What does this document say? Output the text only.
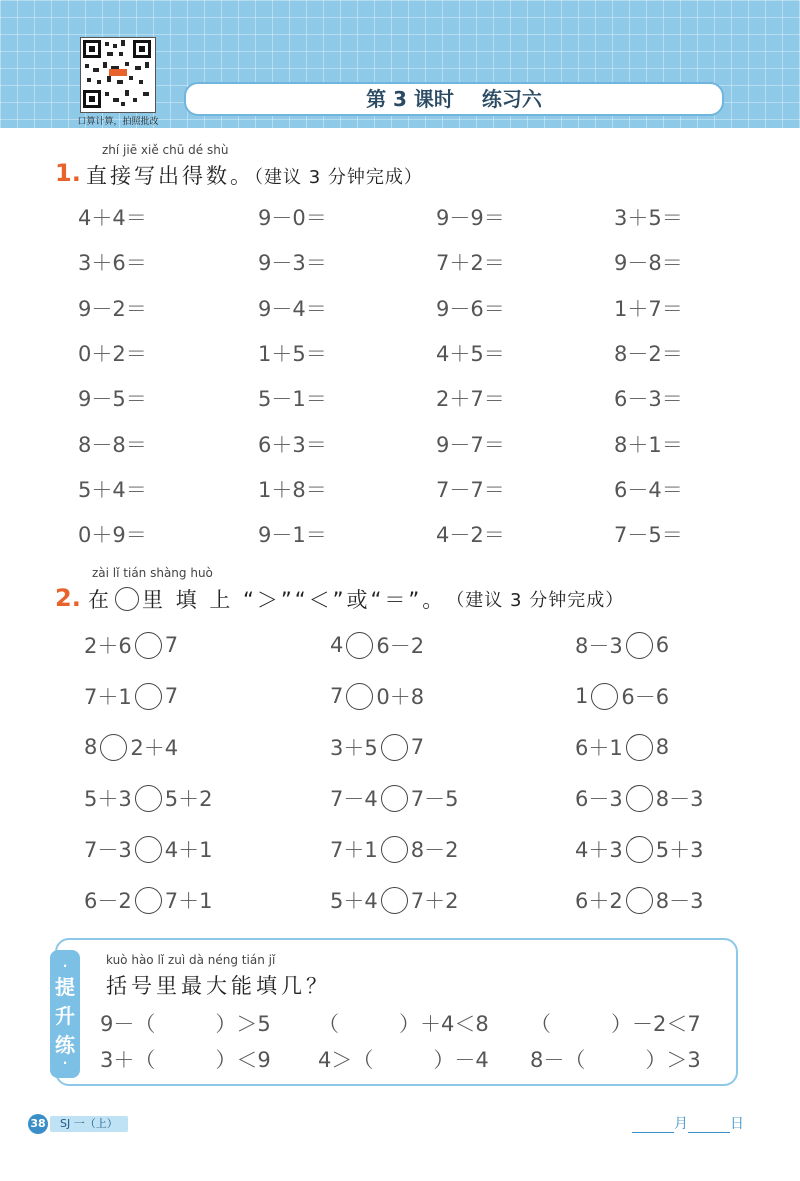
口算计算，拍照批改
第 3 课时 练习六
zhí jiē xiě chū dé shù
1. 直接写出得数。（建议 3 分钟完成）
4＋4＝	9－0＝	9－9＝	3＋5＝
3＋6＝	9－3＝	7＋2＝	9－8＝
9－2＝	9－4＝	9－6＝	1＋7＝
0＋2＝	1＋5＝	4＋5＝	8－2＝
9－5＝	5－1＝	2＋7＝	6－3＝
8－8＝	6＋3＝	9－7＝	8＋1＝
5＋4＝	1＋8＝	7－7＝	6－4＝
0＋9＝	9－1＝	4－2＝	7－5＝
zài lǐ tián shàng huò
2. 在 里 填 上 “＞”“＜”或“＝”。 （建议 3 分钟完成）
2＋6 7	4 6－2	8－3 6
7＋1 7	7 0＋8	1 6－6
8 2＋4	3＋5 7	6＋1 8
5＋3 5＋2	7－4 7－5	6－3 8－3
7－3 4＋1	7＋1 8－2	4＋3 5＋3
6－2 7＋1	5＋4 7＋2	6＋2 8－3
·
提
升
练
·
kuò hào lǐ zuì dà néng tián jǐ
括号里最大能填几？
9－（	）＞5 （	）＋4＜8 （	）－2＜7
3＋（	）＜9 4＞（	）－4 8－（	）＞3
38	SJ 一（上）	月	日
